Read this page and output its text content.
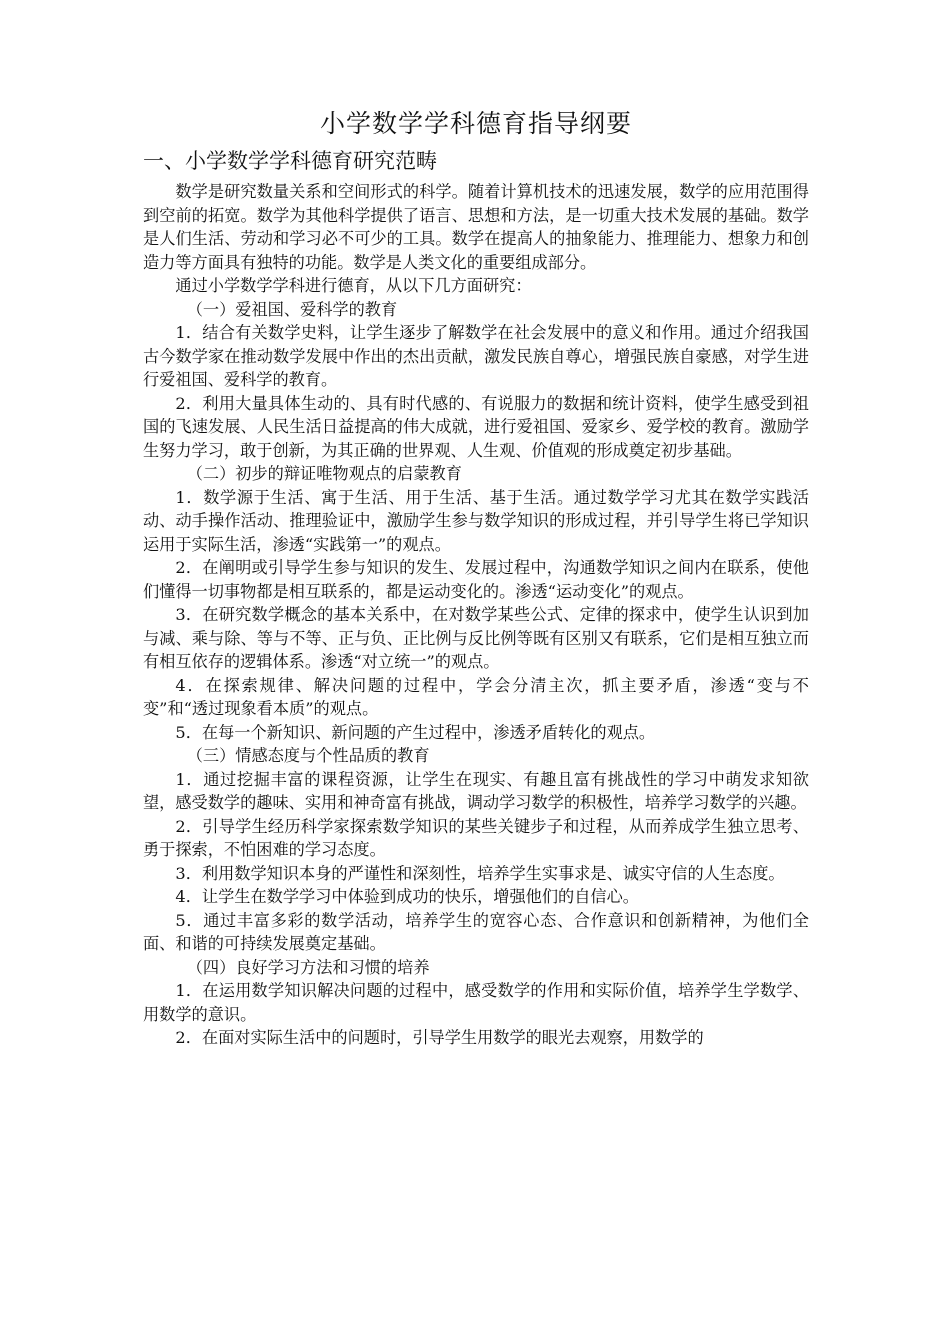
小学数学学科德育指导纲要
一、小学数学学科德育研究范畴

数学是研究数量关系和空间形式的科学。随着计算机技术的迅速发展，数学的应用范围得到空前的拓宽。数学为其他科学提供了语言、思想和方法，是一切重大技术发展的基础。数学是人们生活、劳动和学习必不可少的工具。数学在提高人的抽象能力、推理能力、想象力和创造力等方面具有独特的功能。数学是人类文化的重要组成部分。

通过小学数学学科进行德育，从以下几方面研究：

（一）爱祖国、爱科学的教育

1．结合有关数学史料，让学生逐步了解数学在社会发展中的意义和作用。通过介绍我国古今数学家在推动数学发展中作出的杰出贡献，激发民族自尊心，增强民族自豪感，对学生进行爱祖国、爱科学的教育。

2．利用大量具体生动的、具有时代感的、有说服力的数据和统计资料，使学生感受到祖国的飞速发展、人民生活日益提高的伟大成就，进行爱祖国、爱家乡、爱学校的教育。激励学生努力学习，敢于创新，为其正确的世界观、人生观、价值观的形成奠定初步基础。

（二）初步的辩证唯物观点的启蒙教育

1．数学源于生活、寓于生活、用于生活、基于生活。通过数学学习尤其在数学实践活动、动手操作活动、推理验证中，激励学生参与数学知识的形成过程，并引导学生将已学知识运用于实际生活，渗透“实践第一”的观点。

2．在阐明或引导学生参与知识的发生、发展过程中，沟通数学知识之间内在联系，使他们懂得一切事物都是相互联系的，都是运动变化的。渗透“运动变化”的观点。

3．在研究数学概念的基本关系中，在对数学某些公式、定律的探求中，使学生认识到加与减、乘与除、等与不等、正与负、正比例与反比例等既有区别又有联系，它们是相互独立而有相互依存的逻辑体系。渗透“对立统一”的观点。

4．在探索规律、解决问题的过程中，学会分清主次，抓主要矛盾，渗透“变与不变”和“透过现象看本质”的观点。

5．在每一个新知识、新问题的产生过程中，渗透矛盾转化的观点。

（三）情感态度与个性品质的教育

1．通过挖掘丰富的课程资源，让学生在现实、有趣且富有挑战性的学习中萌发求知欲望，感受数学的趣味、实用和神奇富有挑战，调动学习数学的积极性，培养学习数学的兴趣。

2．引导学生经历科学家探索数学知识的某些关键步子和过程，从而养成学生独立思考、勇于探索，不怕困难的学习态度。

3．利用数学知识本身的严谨性和深刻性，培养学生实事求是、诚实守信的人生态度。

4．让学生在数学学习中体验到成功的快乐，增强他们的自信心。

5．通过丰富多彩的数学活动，培养学生的宽容心态、合作意识和创新精神，为他们全面、和谐的可持续发展奠定基础。

（四）良好学习方法和习惯的培养

1．在运用数学知识解决问题的过程中，感受数学的作用和实际价值，培养学生学数学、用数学的意识。

2．在面对实际生活中的问题时，引导学生用数学的眼光去观察，用数学的
